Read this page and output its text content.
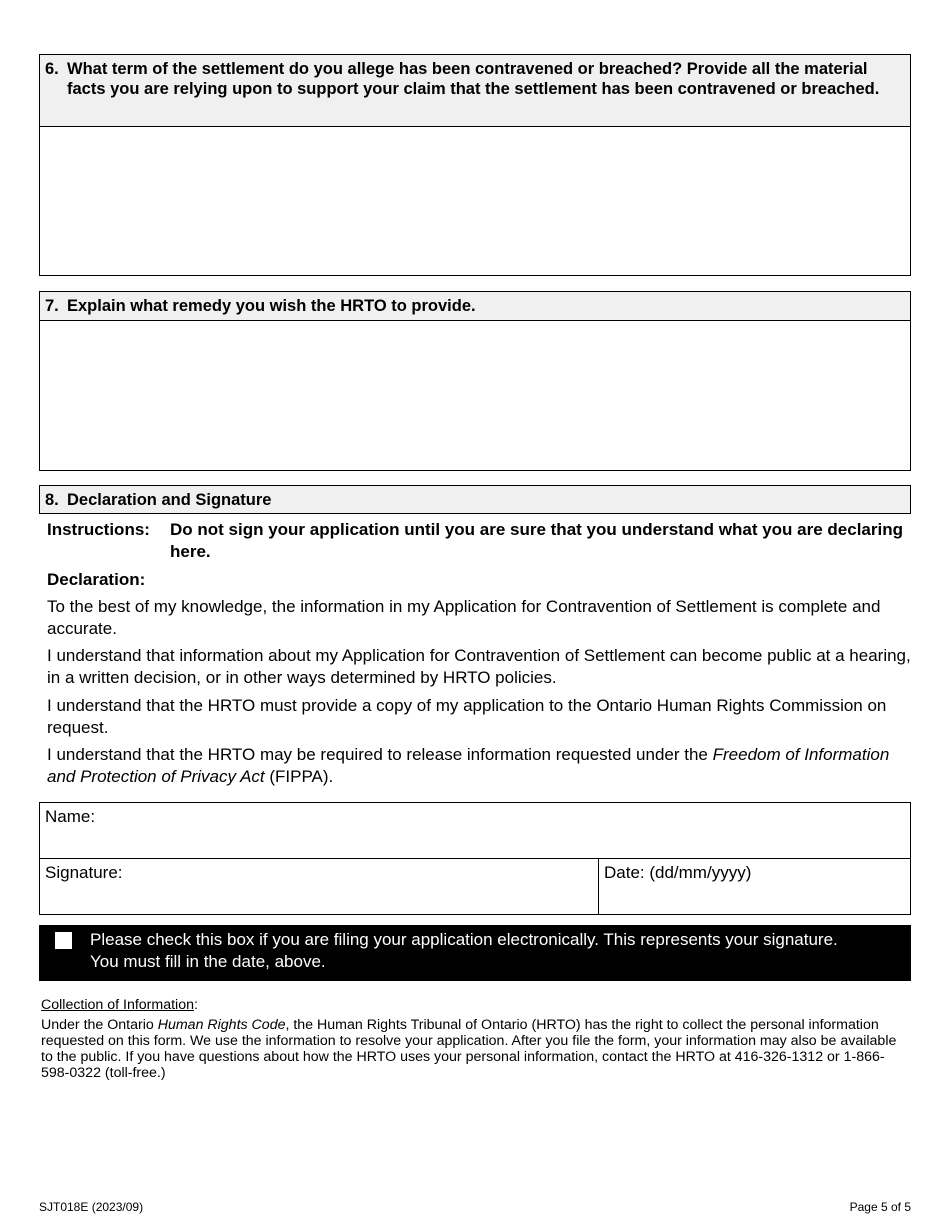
6. What term of the settlement do you allege has been contravened or breached? Provide all the material facts you are relying upon to support your claim that the settlement has been contravened or breached.
7. Explain what remedy you wish the HRTO to provide.
8. Declaration and Signature
Instructions:	Do not sign your application until you are sure that you understand what you are declaring here.
Declaration:
To the best of my knowledge, the information in my Application for Contravention of Settlement is complete and accurate.
I understand that information about my Application for Contravention of Settlement can become public at a hearing, in a written decision, or in other ways determined by HRTO policies.
I understand that the HRTO must provide a copy of my application to the Ontario Human Rights Commission on request.
I understand that the HRTO may be required to release information requested under the Freedom of Information and Protection of Privacy Act (FIPPA).
Name:
Signature:	Date: (dd/mm/yyyy)
Please check this box if you are filing your application electronically. This represents your signature. You must fill in the date, above.
Collection of Information:
Under the Ontario Human Rights Code, the Human Rights Tribunal of Ontario (HRTO) has the right to collect the personal information requested on this form. We use the information to resolve your application. After you file the form, your information may also be available to the public. If you have questions about how the HRTO uses your personal information, contact the HRTO at 416-326-1312 or 1-866-598-0322 (toll-free.)
SJT018E (2023/09)	Page 5 of 5
